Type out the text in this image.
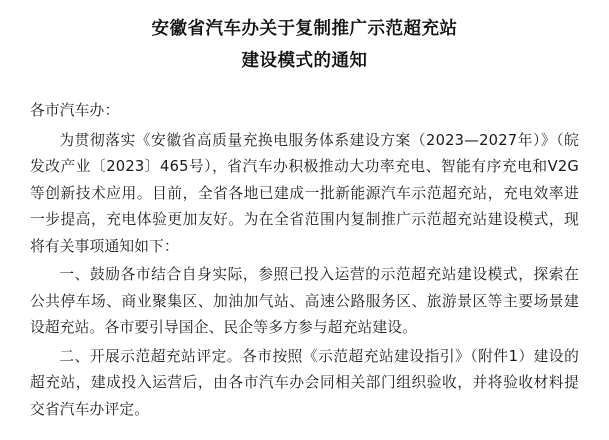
安徽省汽车办关于复制推广示范超充站
建设模式的通知

各市汽车办：

为贯彻落实《安徽省高质量充换电服务体系建设方案（2023—2027年）》（皖发改产业〔2023〕465号），省汽车办积极推动大功率充电、智能有序充电和V2G等创新技术应用。目前，全省各地已建成一批新能源汽车示范超充站，充电效率进一步提高，充电体验更加友好。为在全省范围内复制推广示范超充站建设模式，现将有关事项通知如下：

一、鼓励各市结合自身实际，参照已投入运营的示范超充站建设模式，探索在公共停车场、商业聚集区、加油加气站、高速公路服务区、旅游景区等主要场景建设超充站。各市要引导国企、民企等多方参与超充站建设。

二、开展示范超充站评定。各市按照《示范超充站建设指引》（附件1）建设的超充站，建成投入运营后，由各市汽车办会同相关部门组织验收，并将验收材料提交省汽车办评定。
